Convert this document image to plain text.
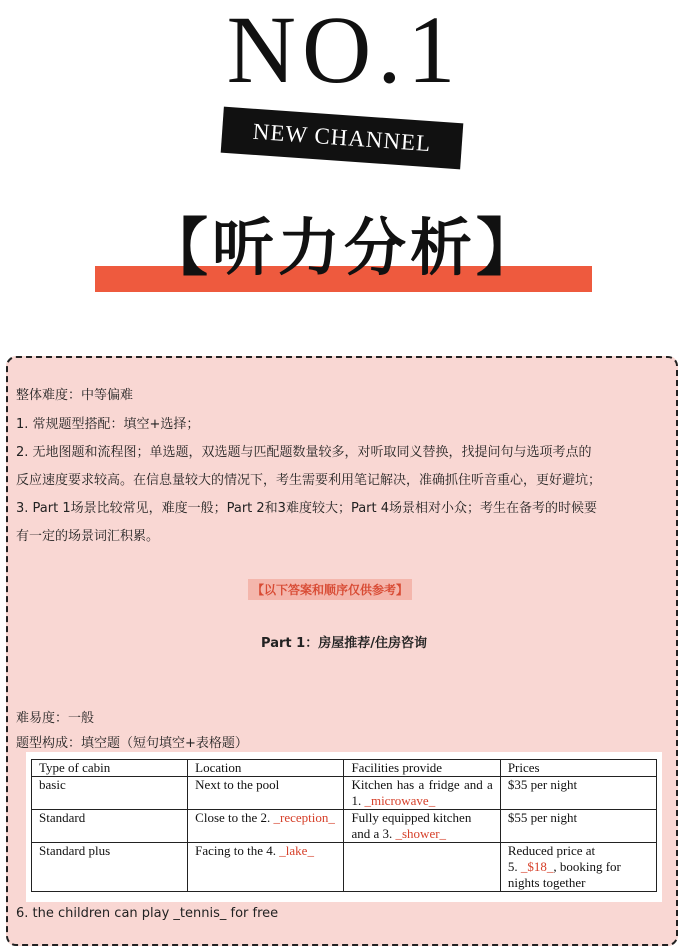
NO.1
NEW CHANNEL
【听力分析】
整体难度：中等偏难
1. 常规题型搭配：填空+选择；
2. 无地图题和流程图；单选题，双选题与匹配题数量较多，对听取同义替换，找提问句与选项考点的
反应速度要求较高。在信息量较大的情况下，考生需要利用笔记解决，准确抓住听音重心，更好避坑；
3. Part 1场景比较常见，难度一般；Part 2和3难度较大；Part 4场景相对小众；考生在备考的时候要
有一定的场景词汇积累。
【以下答案和顺序仅供参考】
Part 1：房屋推荐/住房咨询
难易度：一般
题型构成：填空题（短句填空+表格题）
Type of cabin	Location	Facilities provide	Prices
basic	Next to the pool	Kitchen has a fridge and a 1. _microwave_	$35 per night
Standard	Close to the 2. _reception_	Fully equipped kitchen and a 3. _shower_	$55 per night
Standard plus	Facing to the 4. _lake_		Reduced price at
5. _$18_, booking for nights together
6. the children can play _tennis_ for free
